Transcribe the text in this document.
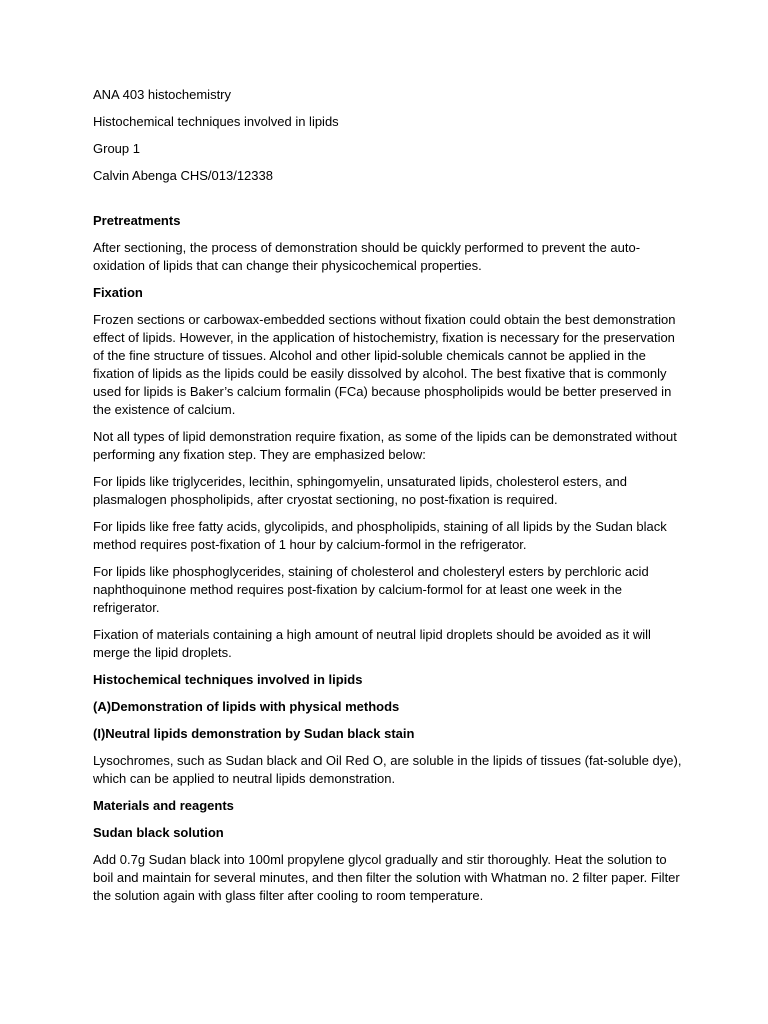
ANA 403 histochemistry

Histochemical techniques involved in lipids

Group 1

Calvin Abenga CHS/013/12338

Pretreatments

After sectioning, the process of demonstration should be quickly performed to prevent the auto-oxidation of lipids that can change their physicochemical properties.

Fixation

Frozen sections or carbowax-embedded sections without fixation could obtain the best demonstration effect of lipids. However, in the application of histochemistry, fixation is necessary for the preservation of the fine structure of tissues. Alcohol and other lipid-soluble chemicals cannot be applied in the fixation of lipids as the lipids could be easily dissolved by alcohol. The best fixative that is commonly used for lipids is Baker’s calcium formalin (FCa) because phospholipids would be better preserved in the existence of calcium.

Not all types of lipid demonstration require fixation, as some of the lipids can be demonstrated without performing any fixation step. They are emphasized below:

For lipids like triglycerides, lecithin, sphingomyelin, unsaturated lipids, cholesterol esters, and plasmalogen phospholipids, after cryostat sectioning, no post-fixation is required.

For lipids like free fatty acids, glycolipids, and phospholipids, staining of all lipids by the Sudan black method requires post-fixation of 1 hour by calcium-formol in the refrigerator.

For lipids like phosphoglycerides, staining of cholesterol and cholesteryl esters by perchloric acid naphthoquinone method requires post-fixation by calcium-formol for at least one week in the refrigerator.

Fixation of materials containing a high amount of neutral lipid droplets should be avoided as it will merge the lipid droplets.

Histochemical techniques involved in lipids

(A)Demonstration of lipids with physical methods

(I)Neutral lipids demonstration by Sudan black stain

Lysochromes, such as Sudan black and Oil Red O, are soluble in the lipids of tissues (fat-soluble dye), which can be applied to neutral lipids demonstration.

Materials and reagents

Sudan black solution

Add 0.7g Sudan black into 100ml propylene glycol gradually and stir thoroughly. Heat the solution to boil and maintain for several minutes, and then filter the solution with Whatman no. 2 filter paper. Filter the solution again with glass filter after cooling to room temperature.
